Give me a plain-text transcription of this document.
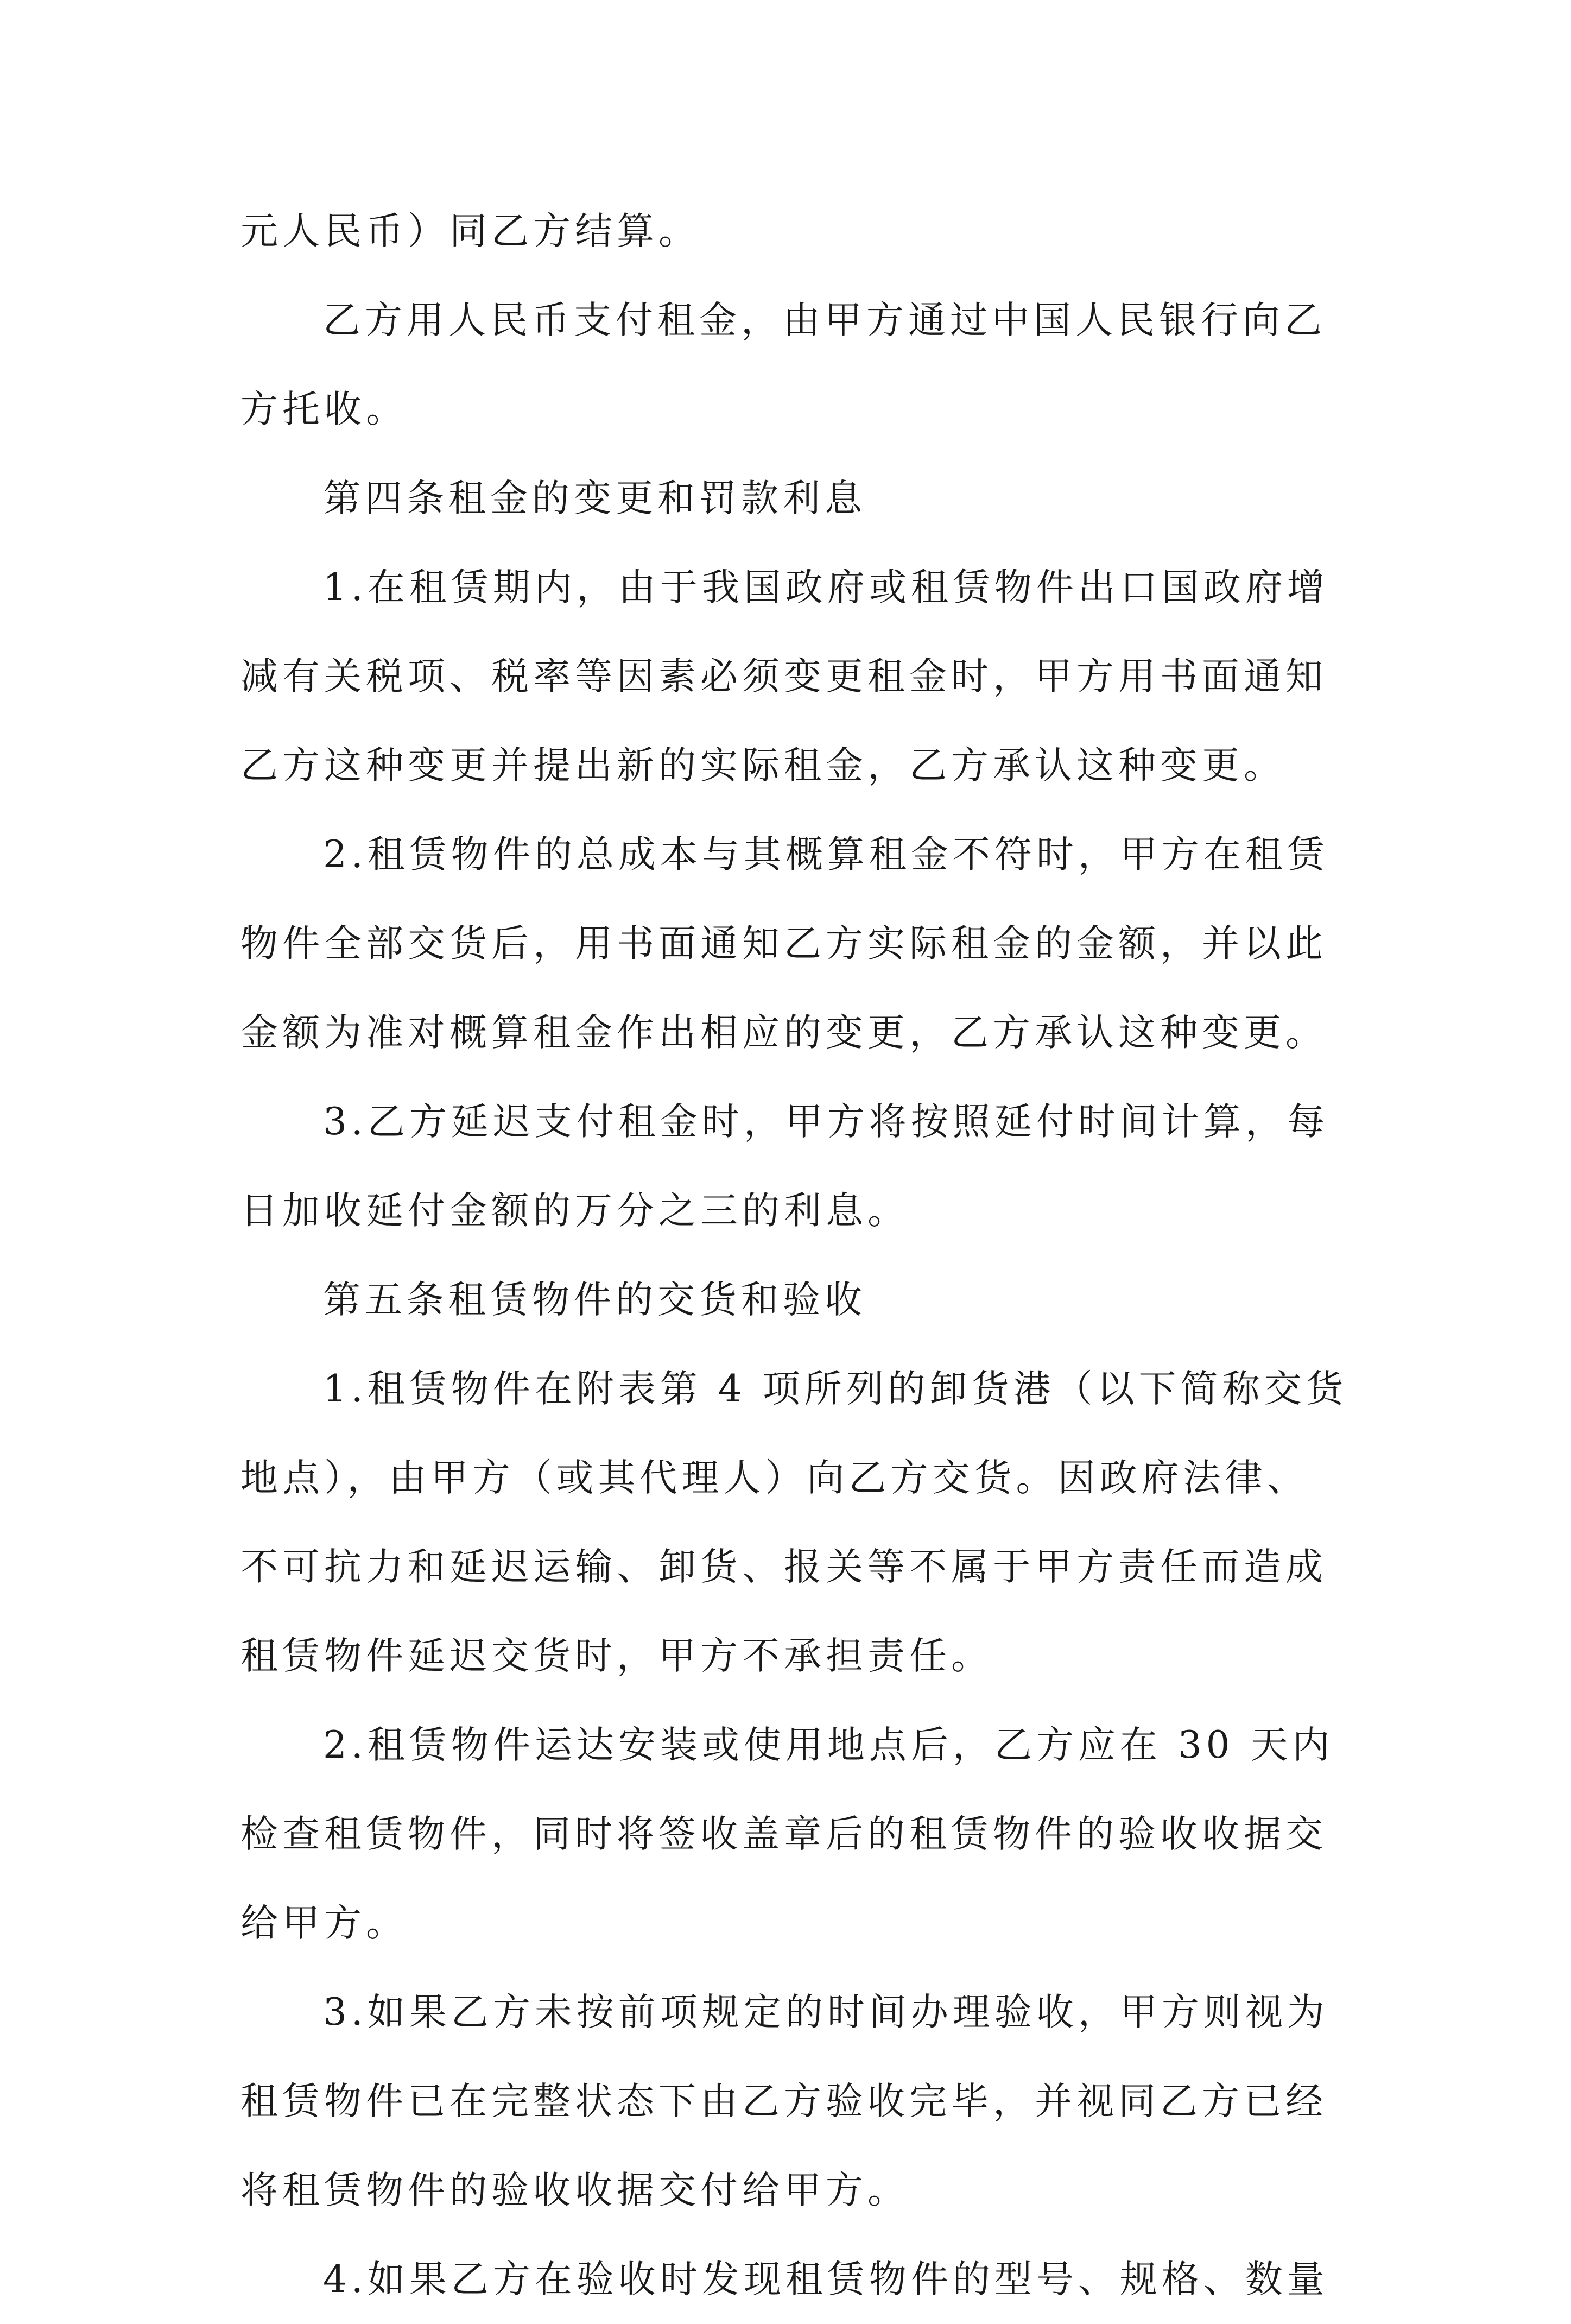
元人民币）同乙方结算。
乙方用人民币支付租金，由甲方通过中国人民银行向乙
方托收。
第四条租金的变更和罚款利息
1.在租赁期内，由于我国政府或租赁物件出口国政府增
减有关税项、税率等因素必须变更租金时，甲方用书面通知
乙方这种变更并提出新的实际租金，乙方承认这种变更。
2.租赁物件的总成本与其概算租金不符时，甲方在租赁
物件全部交货后，用书面通知乙方实际租金的金额，并以此
金额为准对概算租金作出相应的变更，乙方承认这种变更。
3.乙方延迟支付租金时，甲方将按照延付时间计算，每
日加收延付金额的万分之三的利息。
第五条租赁物件的交货和验收
1.租赁物件在附表第 4 项所列的卸货港（以下简称交货
地点），由甲方（或其代理人）向乙方交货。因政府法律、
不可抗力和延迟运输、卸货、报关等不属于甲方责任而造成
租赁物件延迟交货时，甲方不承担责任。
2.租赁物件运达安装或使用地点后，乙方应在 30 天内
检查租赁物件，同时将签收盖章后的租赁物件的验收收据交
给甲方。
3.如果乙方未按前项规定的时间办理验收，甲方则视为
租赁物件已在完整状态下由乙方验收完毕，并视同乙方已经
将租赁物件的验收收据交付给甲方。
4.如果乙方在验收时发现租赁物件的型号、规格、数量
